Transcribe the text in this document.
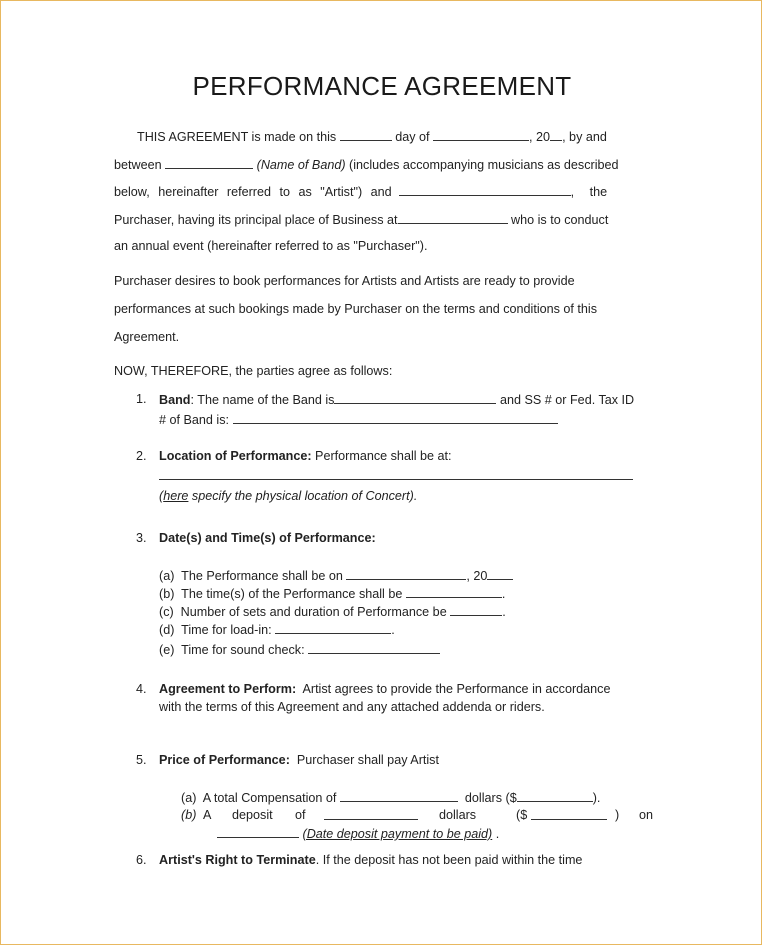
PERFORMANCE AGREEMENT
THIS AGREEMENT is made on this	day of	, 20 , by and
between	(Name of Band) (includes accompanying musicians as described
below, hereinafter referred to as "Artist") and	, the
Purchaser, having its principal place of Business at	who is to conduct
an annual event (hereinafter referred to as "Purchaser").
Purchaser desires to book performances for Artists and Artists are ready to provide
performances at such bookings made by Purchaser on the terms and conditions of this
Agreement.
NOW, THEREFORE, the parties agree as follows:
1. Band: The name of the Band is	and SS # or Fed. Tax ID
# of Band is:
2. Location of Performance: Performance shall be at:
(here specify the physical location of Concert).
3. Date(s) and Time(s) of Performance:
(a)  The Performance shall be on	, 20
(b)  The time(s) of the Performance shall be	.
(c)  Number of sets and duration of Performance be	.
(d)  Time for load-in:	.
(e)  Time for sound check:
4. Agreement to Perform: Artist agrees to provide the Performance in accordance
with the terms of this Agreement and any attached addenda or riders.
5. Price of Performance: Purchaser shall pay Artist
(a)  A total Compensation of	dollars ($	).
(b) A deposit of	dollars	($	) on
(Date deposit payment to be paid) .
6. Artist's Right to Terminate. If the deposit has not been paid within the time
